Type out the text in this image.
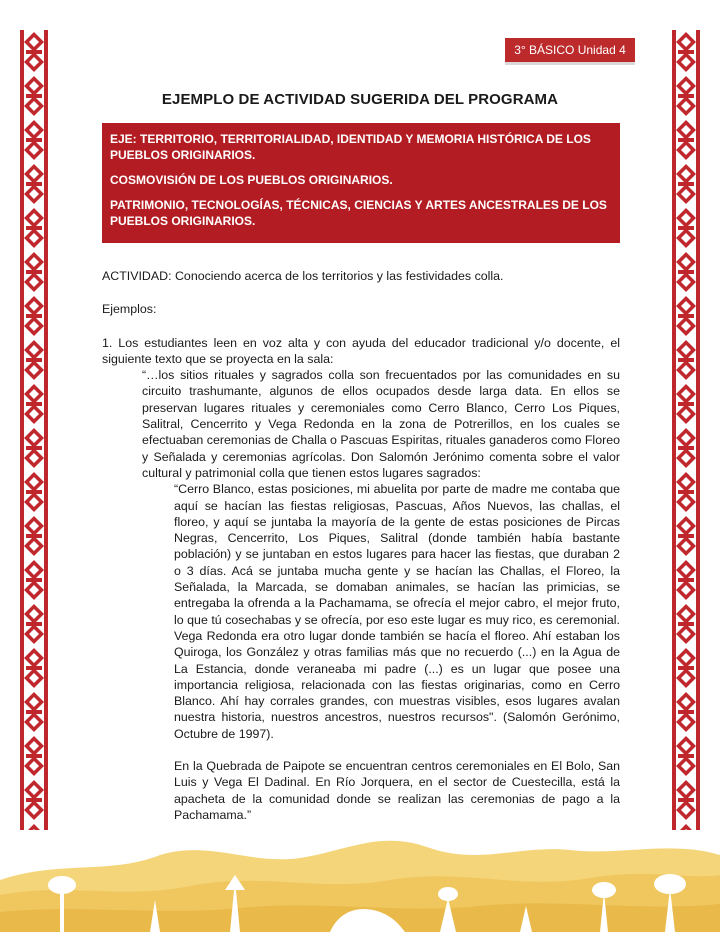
3° BÁSICO Unidad 4
EJEMPLO DE ACTIVIDAD SUGERIDA DEL PROGRAMA

EJE: TERRITORIO, TERRITORIALIDAD, IDENTIDAD Y MEMORIA HISTÓRICA DE LOS PUEBLOS ORIGINARIOS.

COSMOVISIÓN DE LOS PUEBLOS ORIGINARIOS.

PATRIMONIO, TECNOLOGÍAS, TÉCNICAS, CIENCIAS Y ARTES ANCESTRALES DE LOS PUEBLOS ORIGINARIOS.

ACTIVIDAD: Conociendo acerca de los territorios y las festividades colla.

Ejemplos:

1. Los estudiantes leen en voz alta y con ayuda del educador tradicional y/o docente, el siguiente texto que se proyecta en la sala:

“…los sitios rituales y sagrados colla son frecuentados por las comunidades en su circuito trashumante, algunos de ellos ocupados desde larga data. En ellos se preservan lugares rituales y ceremoniales como Cerro Blanco, Cerro Los Piques, Salitral, Cencerrito y Vega Redonda en la zona de Potrerillos, en los cuales se efectuaban ceremonias de Challa o Pascuas Espiritas, rituales ganaderos como Floreo y Señalada y ceremonias agrícolas. Don Salomón Jerónimo comenta sobre el valor cultural y patrimonial colla que tienen estos lugares sagrados:

“Cerro Blanco, estas posiciones, mi abuelita por parte de madre me contaba que aquí se hacían las fiestas religiosas, Pascuas, Años Nuevos, las challas, el floreo, y aquí se juntaba la mayoría de la gente de estas posiciones de Pircas Negras, Cencerrito, Los Piques, Salitral (donde también había bastante población) y se juntaban en estos lugares para hacer las fiestas, que duraban 2 o 3 días. Acá se juntaba mucha gente y se hacían las Challas, el Floreo, la Señalada, la Marcada, se domaban animales, se hacían las primicias, se entregaba la ofrenda a la Pachamama, se ofrecía el mejor cabro, el mejor fruto, lo que tú cosechabas y se ofrecía, por eso este lugar es muy rico, es ceremonial. Vega Redonda era otro lugar donde también se hacía el floreo. Ahí estaban los Quiroga, los González y otras familias más que no recuerdo (...) en la Agua de La Estancia, donde veraneaba mi padre (...) es un lugar que posee una importancia religiosa, relacionada con las fiestas originarias, como en Cerro Blanco. Ahí hay corrales grandes, con muestras visibles, esos lugares avalan nuestra historia, nuestros ancestros, nuestros recursos". (Salomón Gerónimo, Octubre de 1997).

En la Quebrada de Paipote se encuentran centros ceremoniales en El Bolo, San Luis y Vega El Dadinal. En Río Jorquera, en el sector de Cuestecilla, está la apacheta de la comunidad donde se realizan las ceremonias de pago a la Pachamama.”
